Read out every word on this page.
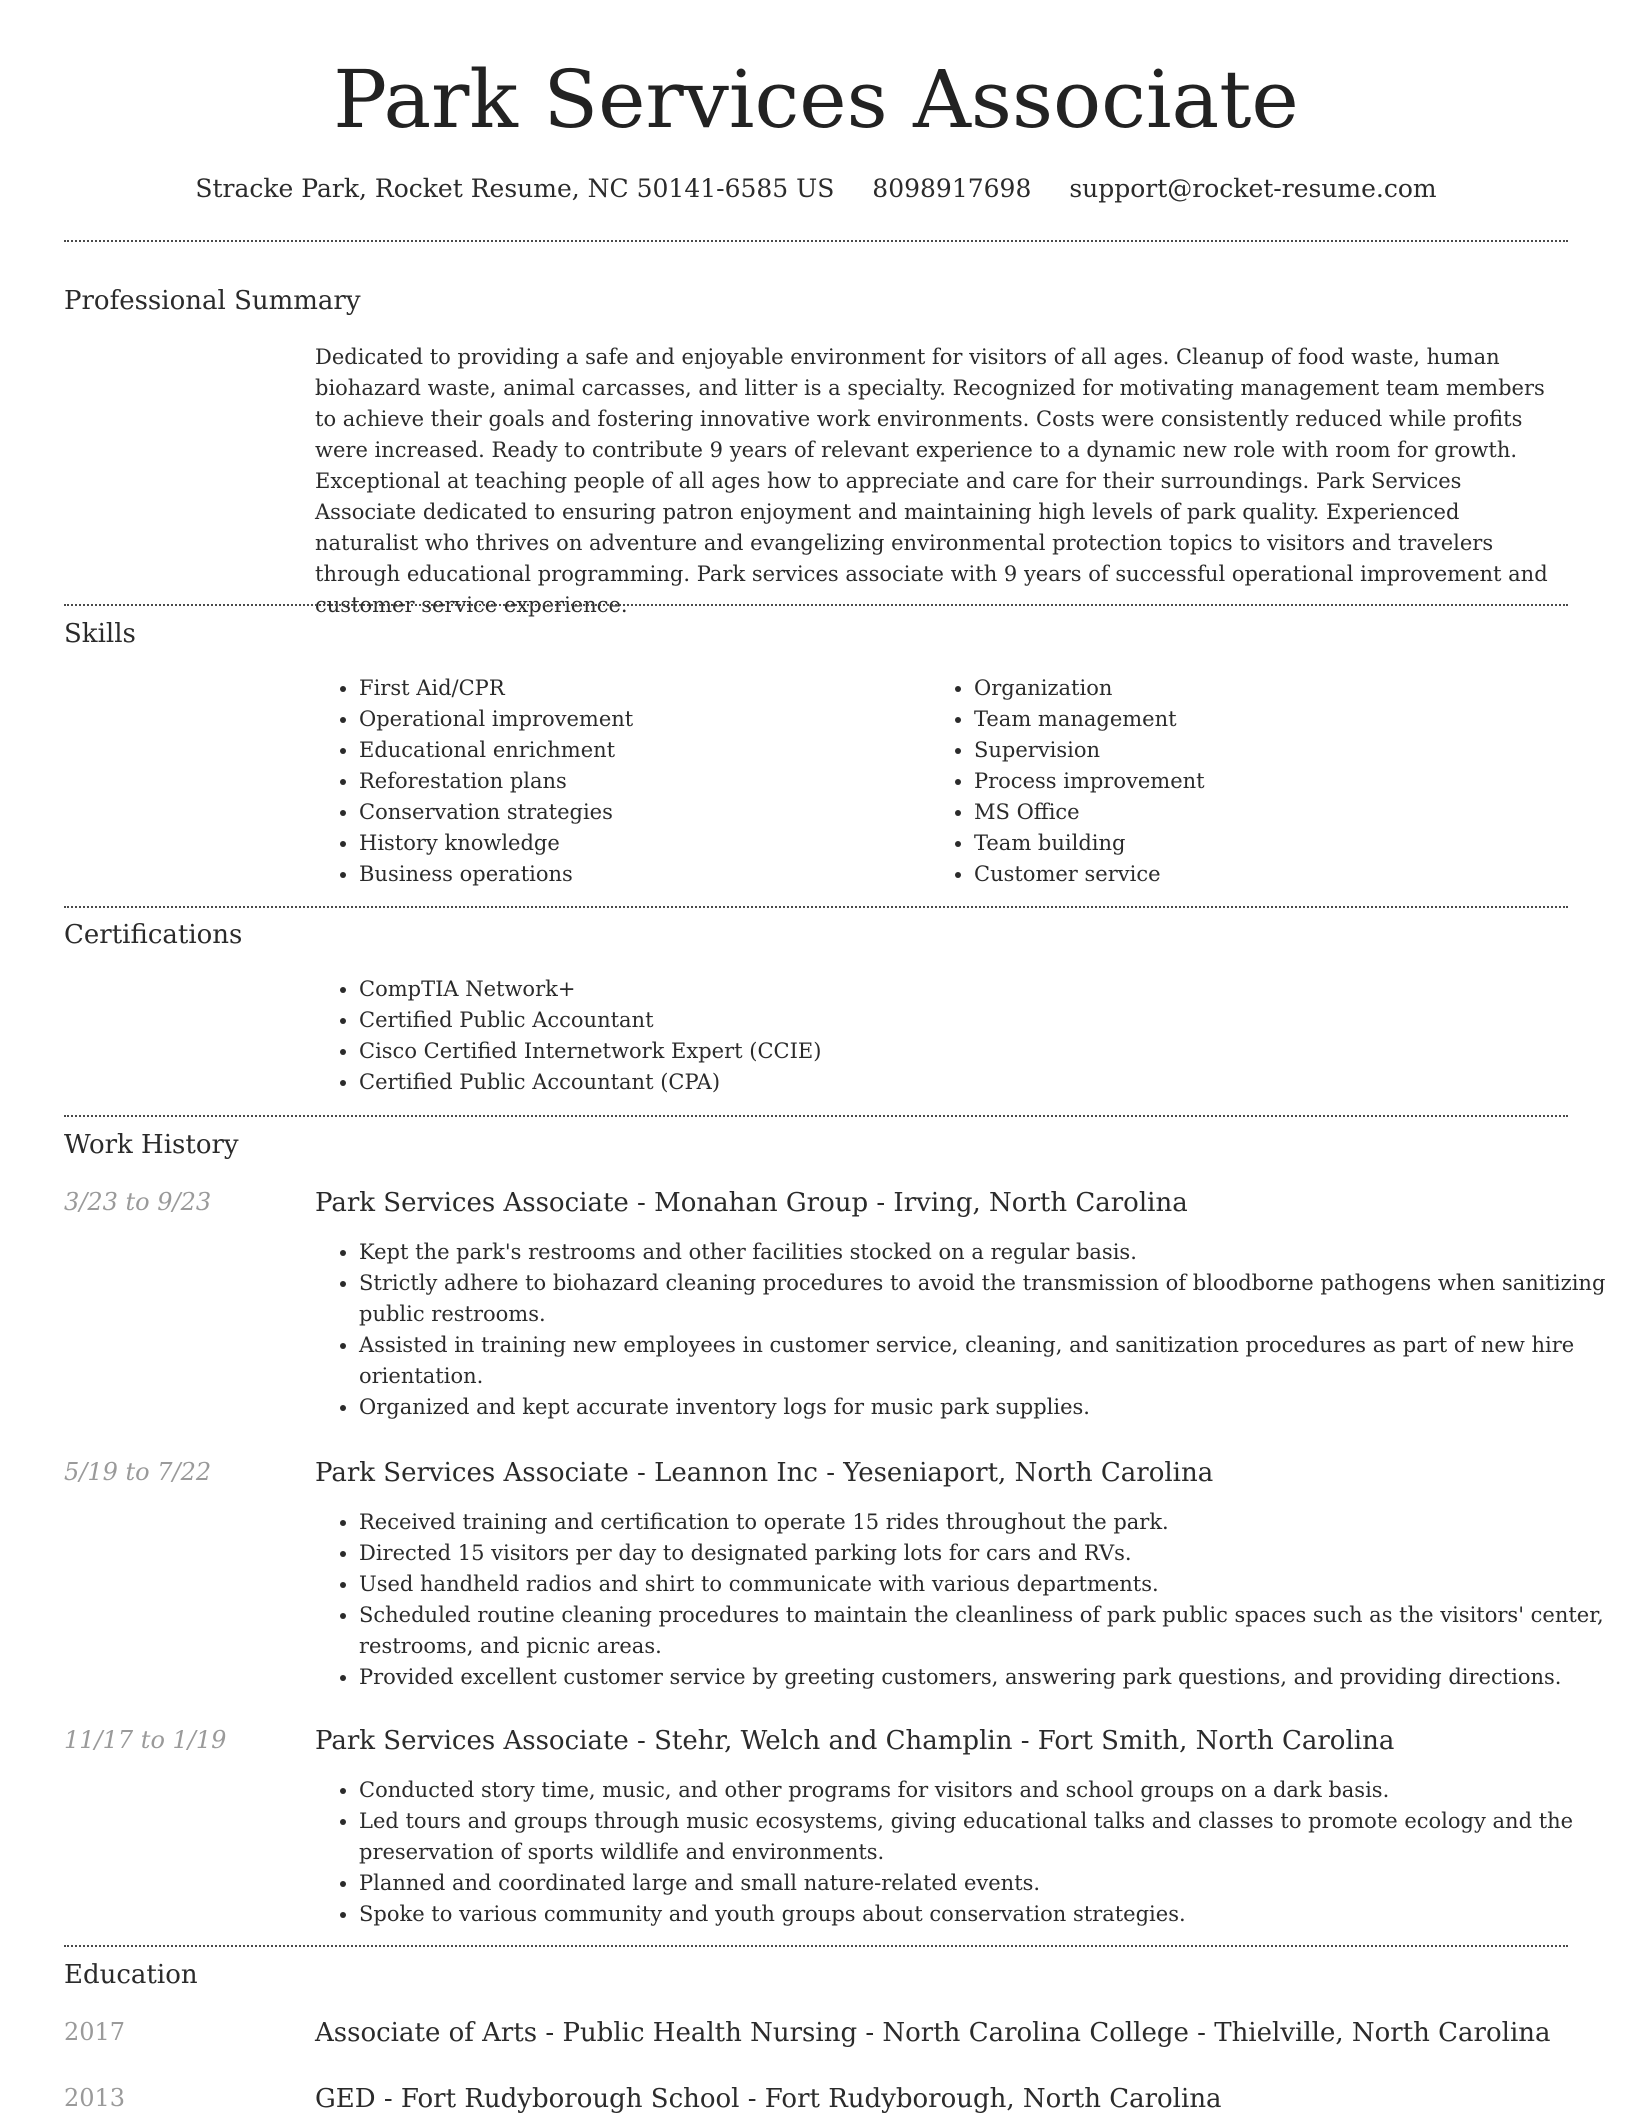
Park Services Associate
Stracke Park, Rocket Resume, NC 50141-6585 US 8098917698 support@rocket-resume.com
Professional Summary

Dedicated to providing a safe and enjoyable environment for visitors of all ages. Cleanup of food waste, human biohazard waste, animal carcasses, and litter is a specialty. Recognized for motivating management team members to achieve their goals and fostering innovative work environments. Costs were consistently reduced while profits were increased. Ready to contribute 9 years of relevant experience to a dynamic new role with room for growth. Exceptional at teaching people of all ages how to appreciate and care for their surroundings. Park Services Associate dedicated to ensuring patron enjoyment and maintaining high levels of park quality. Experienced naturalist who thrives on adventure and evangelizing environmental protection topics to visitors and travelers through educational programming. Park services associate with 9 years of successful operational improvement and customer service experience.

Skills
• First Aid/CPR
• Operational improvement
• Educational enrichment
• Reforestation plans
• Conservation strategies
• History knowledge
• Business operations
• Organization
• Team management
• Supervision
• Process improvement
• MS Office
• Team building
• Customer service
Certifications
• CompTIA Network+
• Certified Public Accountant
• Cisco Certified Internetwork Expert (CCIE)
• Certified Public Accountant (CPA)
Work History
3/23 to 9/23	Park Services Associate - Monahan Group - Irving, North Carolina
• Kept the park's restrooms and other facilities stocked on a regular basis.
• Strictly adhere to biohazard cleaning procedures to avoid the transmission of bloodborne pathogens when sanitizing public restrooms.
• Assisted in training new employees in customer service, cleaning, and sanitization procedures as part of new hire orientation.
• Organized and kept accurate inventory logs for music park supplies.
5/19 to 7/22	Park Services Associate - Leannon Inc - Yeseniaport, North Carolina
• Received training and certification to operate 15 rides throughout the park.
• Directed 15 visitors per day to designated parking lots for cars and RVs.
• Used handheld radios and shirt to communicate with various departments.
• Scheduled routine cleaning procedures to maintain the cleanliness of park public spaces such as the visitors' center, restrooms, and picnic areas.
• Provided excellent customer service by greeting customers, answering park questions, and providing directions.
11/17 to 1/19	Park Services Associate - Stehr, Welch and Champlin - Fort Smith, North Carolina
• Conducted story time, music, and other programs for visitors and school groups on a dark basis.
• Led tours and groups through music ecosystems, giving educational talks and classes to promote ecology and the preservation of sports wildlife and environments.
• Planned and coordinated large and small nature-related events.
• Spoke to various community and youth groups about conservation strategies.
Education
2017	Associate of Arts - Public Health Nursing - North Carolina College - Thielville, North Carolina
2013	GED - Fort Rudyborough School - Fort Rudyborough, North Carolina
